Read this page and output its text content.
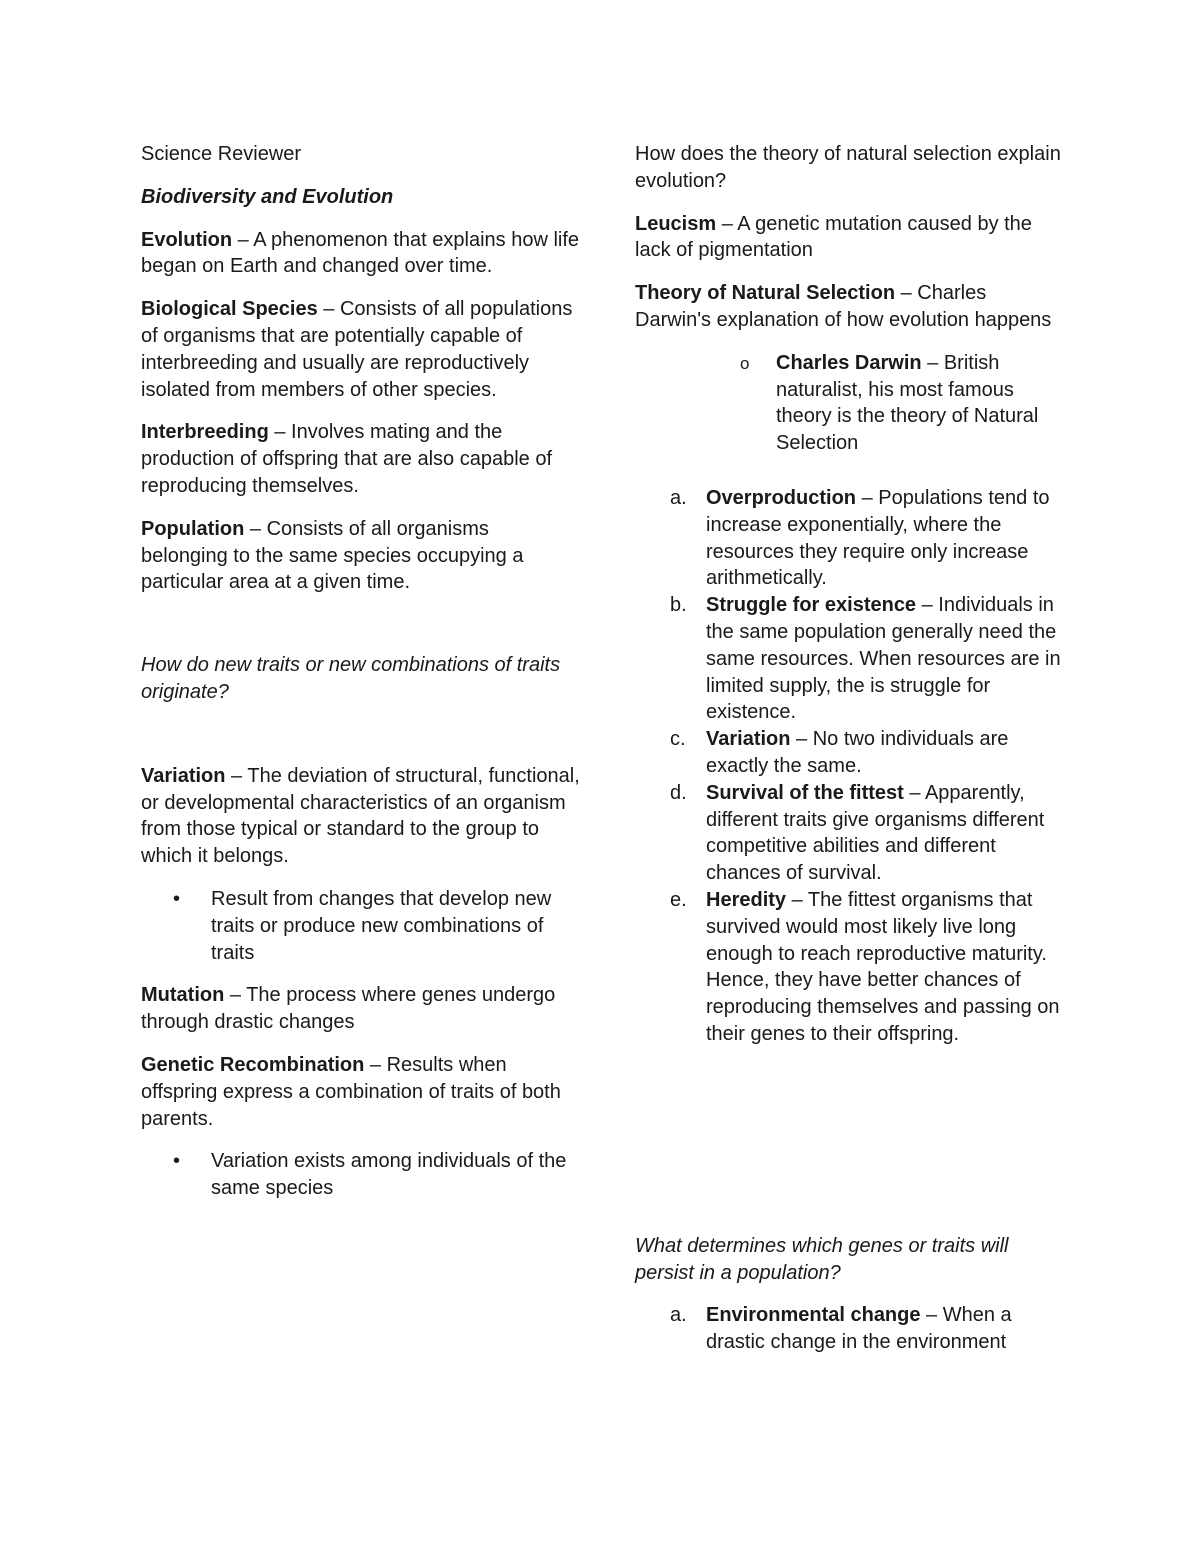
Science Reviewer

Biodiversity and Evolution

Evolution – A phenomenon that explains how life began on Earth and changed over time.

Biological Species – Consists of all populations of organisms that are potentially capable of interbreeding and usually are reproductively isolated from members of other species.

Interbreeding – Involves mating and the production of offspring that are also capable of reproducing themselves.

Population – Consists of all organisms belonging to the same species occupying a particular area at a given time.

How do new traits or new combinations of traits originate?

Variation – The deviation of structural, functional, or developmental characteristics of an organism from those typical or standard to the group to which it belongs.

• Result from changes that develop new traits or produce new combinations of traits

Mutation – The process where genes undergo through drastic changes

Genetic Recombination – Results when offspring express a combination of traits of both parents.

• Variation exists among individuals of the same species

How does the theory of natural selection explain evolution?

Leucism – A genetic mutation caused by the lack of pigmentation

Theory of Natural Selection – Charles Darwin's explanation of how evolution happens

o Charles Darwin – British naturalist, his most famous theory is the theory of Natural Selection
a. Overproduction – Populations tend to increase exponentially, where the resources they require only increase arithmetically.
b. Struggle for existence – Individuals in the same population generally need the same resources. When resources are in limited supply, the is struggle for existence.
c. Variation – No two individuals are exactly the same.
d. Survival of the fittest – Apparently, different traits give organisms different competitive abilities and different chances of survival.
e. Heredity – The fittest organisms that survived would most likely live long enough to reach reproductive maturity. Hence, they have better chances of reproducing themselves and passing on their genes to their offspring.

What determines which genes or traits will persist in a population?

a. Environmental change – When a drastic change in the environment
